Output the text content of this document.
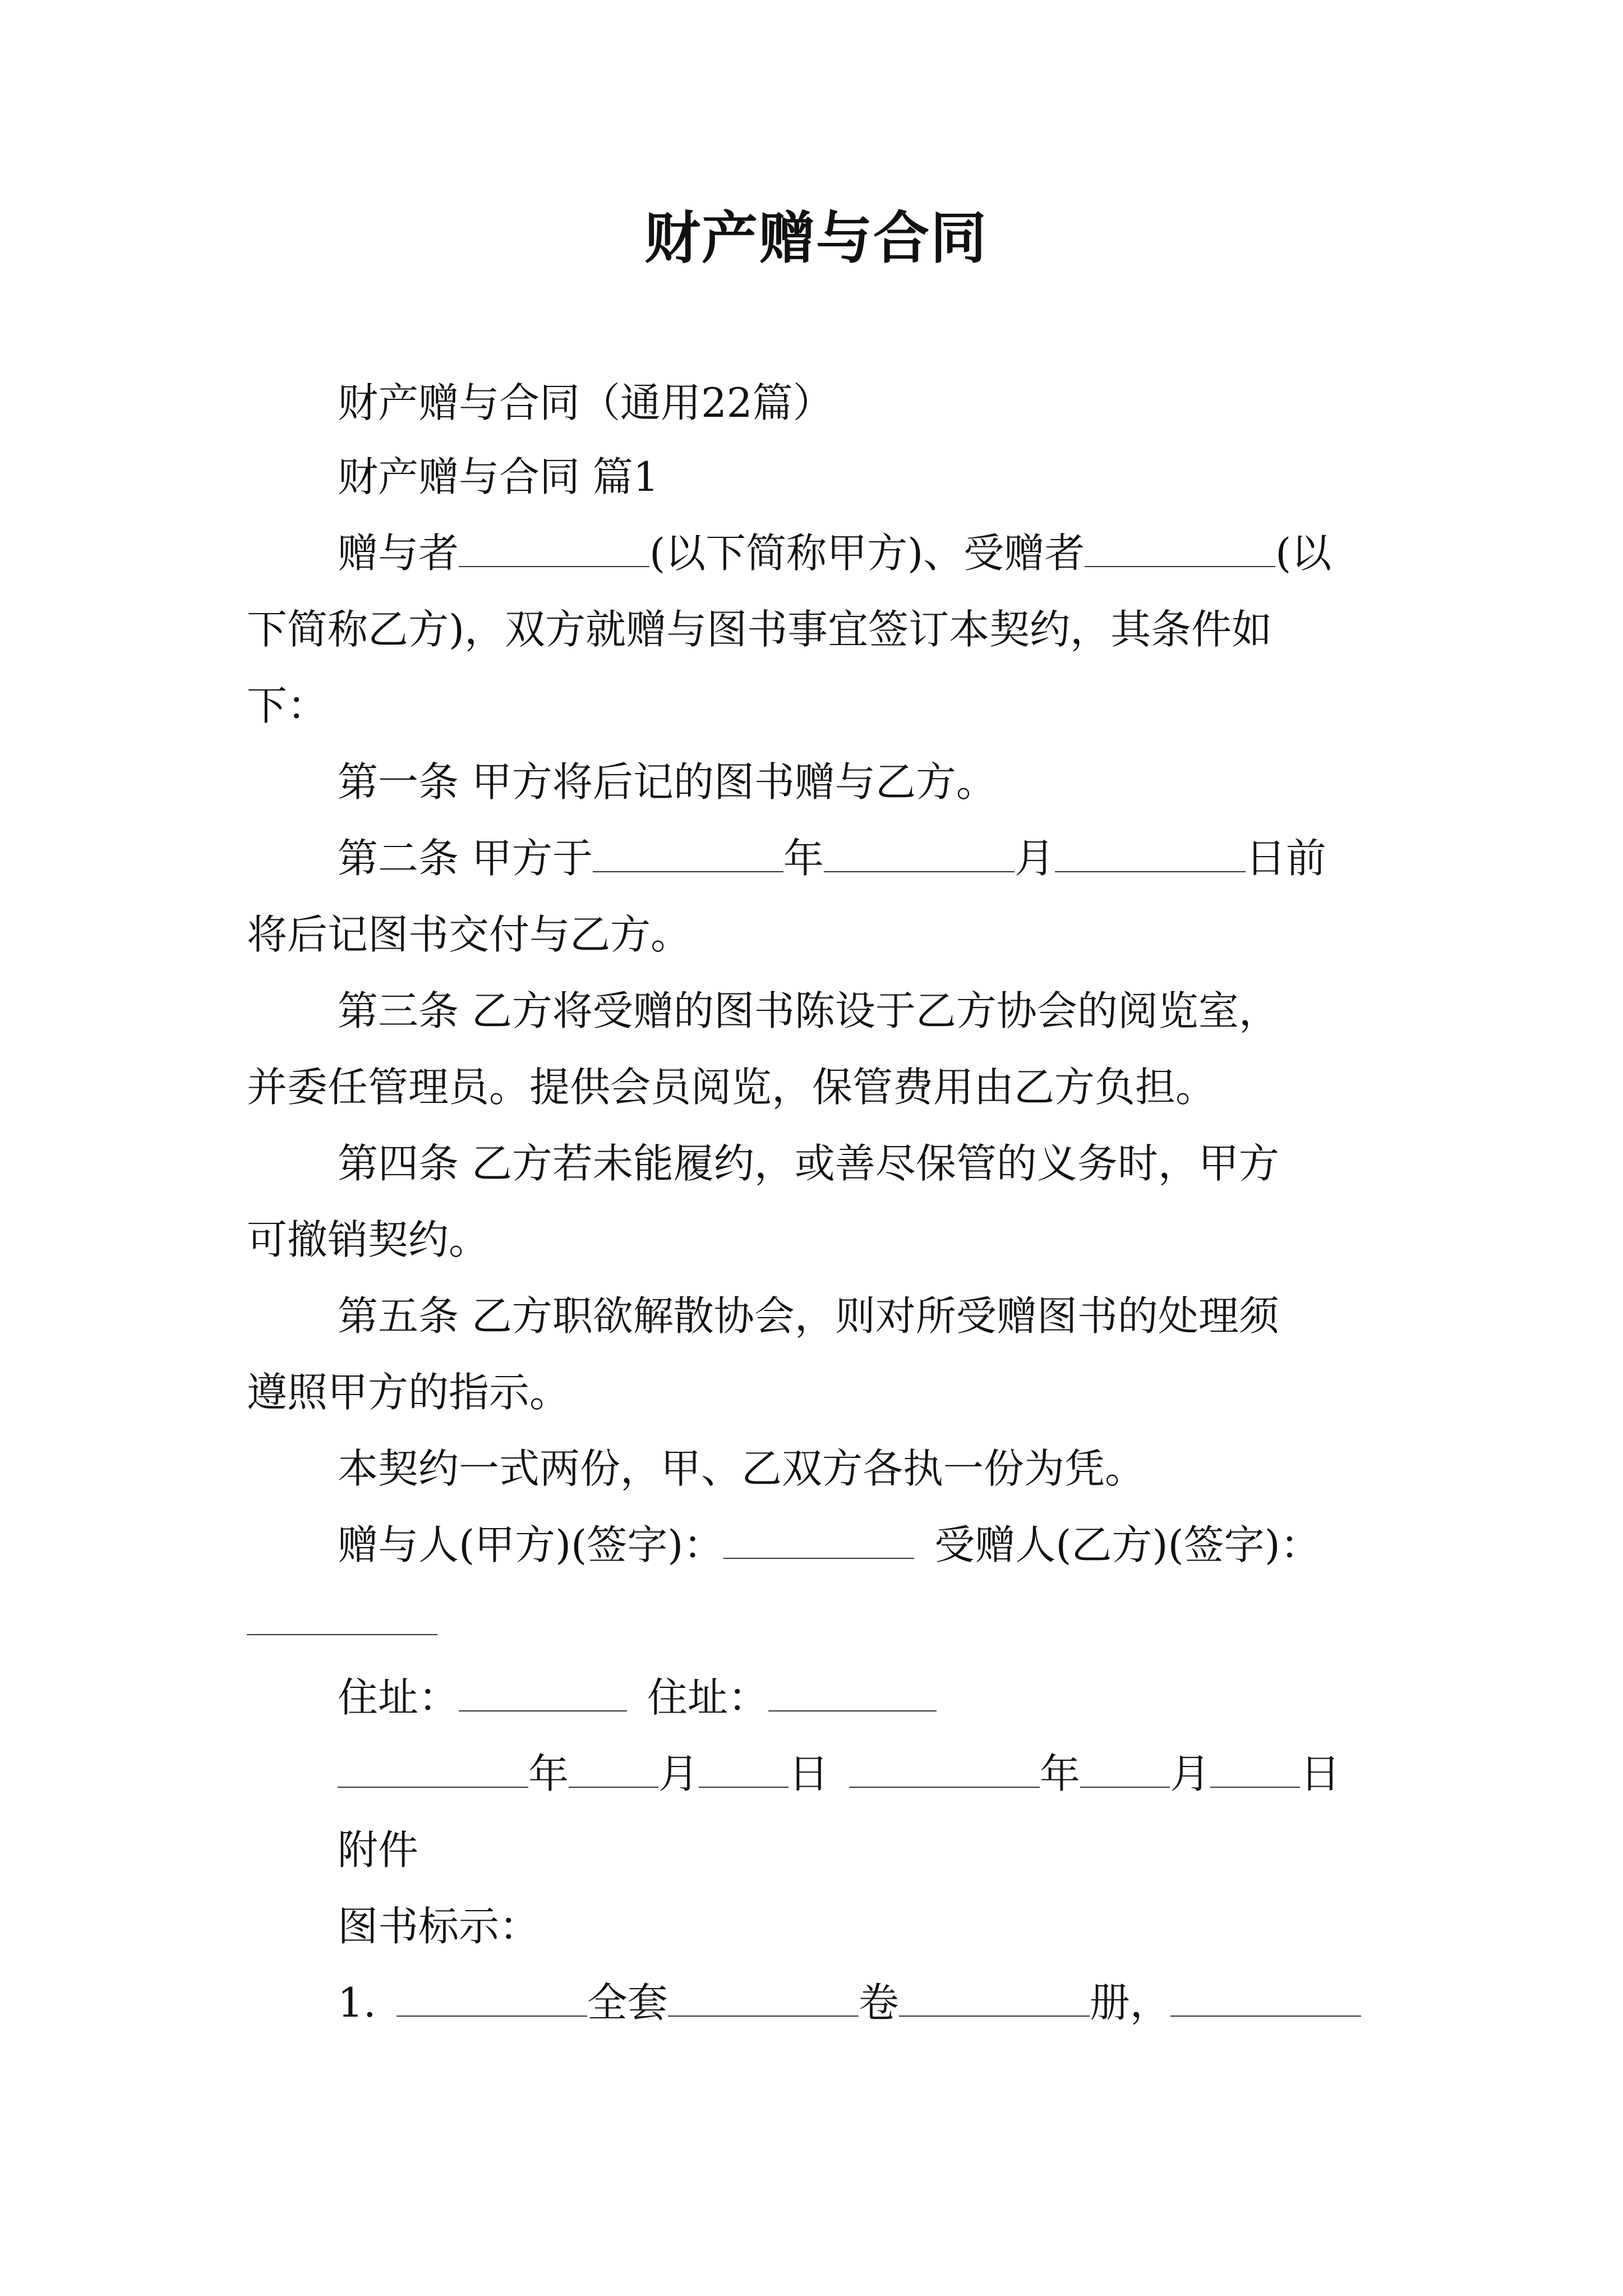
财产赠与合同
财产赠与合同（通用22篇）
财产赠与合同 篇1
赠与者	(以下简称甲方)、受赠者	(以
下简称乙方)，双方就赠与图书事宜签订本契约，其条件如
下：
第一条 甲方将后记的图书赠与乙方。
第二条 甲方于	年	月	日前
将后记图书交付与乙方。
第三条 乙方将受赠的图书陈设于乙方协会的阅览室，
并委任管理员。提供会员阅览，保管费用由乙方负担。
第四条 乙方若未能履约，或善尽保管的义务时，甲方
可撤销契约。
第五条 乙方职欲解散协会，则对所受赠图书的处理须
遵照甲方的指示。
本契约一式两份，甲、乙双方各执一份为凭。
赠与人(甲方)(签字)：	受赠人(乙方)(签字)：
住址：	住址：
年 月 日	年 月 日
附件
图书标示：
1.	全套	卷	册，
